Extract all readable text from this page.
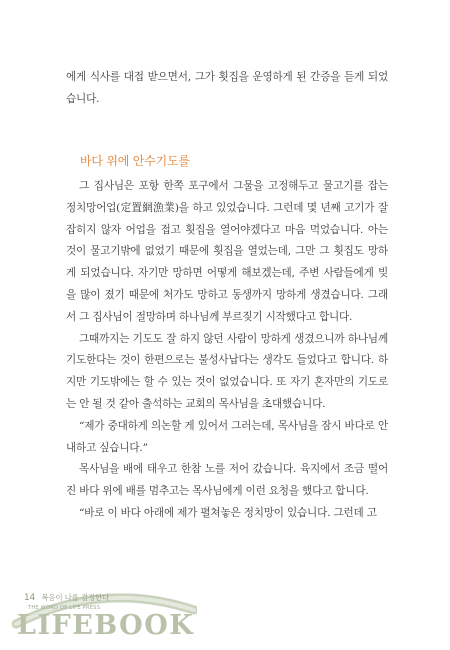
에게 식사를 대접 받으면서, 그가 횟집을 운영하게 된 간증을 듣게 되었습니다.

바다 위에 안수기도를

그 집사님은 포항 한쪽 포구에서 그물을 고정해두고 물고기를 잡는 정치망어업(定置網漁業)을 하고 있었습니다. 그런데 몇 년째 고기가 잘 잡히지 않자 어업을 접고 횟집을 열어야겠다고 마음 먹었습니다. 아는 것이 물고기밖에 없었기 때문에 횟집을 열었는데, 그만 그 횟집도 망하게 되었습니다. 자기만 망하면 어떻게 해보겠는데, 주변 사람들에게 빚을 많이 졌기 때문에 처가도 망하고 동생까지 망하게 생겼습니다. 그래서 그 집사님이 절망하며 하나님께 부르짖기 시작했다고 합니다.

그때까지는 기도도 잘 하지 않던 사람이 망하게 생겼으니까 하나님께 기도한다는 것이 한편으로는 불성사납다는 생각도 들었다고 합니다. 하지만 기도밖에는 할 수 있는 것이 없었습니다. 또 자기 혼자만의 기도로는 안 될 것 같아 출석하는 교회의 목사님을 초대했습니다.

“제가 중대하게 의논할 게 있어서 그러는데, 목사님을 잠시 바다로 안내하고 싶습니다.”

목사님을 배에 태우고 한참 노를 저어 갔습니다. 육지에서 조금 떨어진 바다 위에 배를 멈추고는 목사님에게 이런 요청을 했다고 합니다.

“바로 이 바다 아래에 제가 펼쳐놓은 정치망이 있습니다. 그런데 고

14 복음이 나를 결정한다
THE WORD OF LIFE PRESS
LIFEBOOK
